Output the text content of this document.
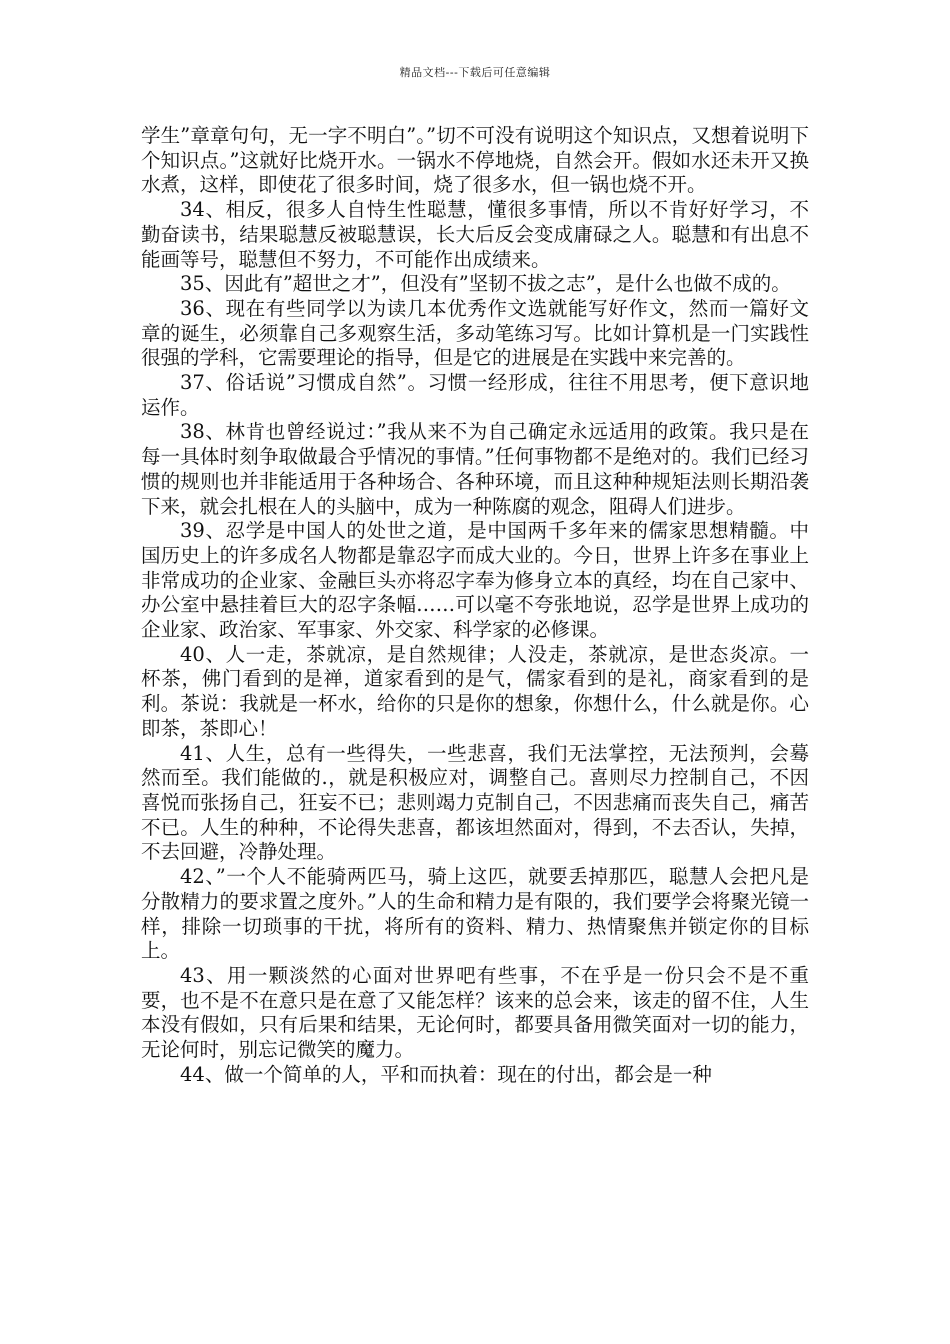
精品文档---下载后可任意编辑

学生”章章句句，无一字不明白”。”切不可没有说明这个知识点，又想着说明下个知识点。”这就好比烧开水。一锅水不停地烧，自然会开。假如水还未开又换水煮，这样，即使花了很多时间，烧了很多水，但一锅也烧不开。

34、相反，很多人自恃生性聪慧，懂很多事情，所以不肯好好学习，不勤奋读书，结果聪慧反被聪慧误，长大后反会变成庸碌之人。聪慧和有出息不能画等号，聪慧但不努力，不可能作出成绩来。

35、因此有”超世之才”，但没有”坚韧不拔之志”，是什么也做不成的。

36、现在有些同学以为读几本优秀作文选就能写好作文，然而一篇好文章的诞生，必须靠自己多观察生活，多动笔练习写。比如计算机是一门实践性很强的学科，它需要理论的指导，但是它的进展是在实践中来完善的。

37、俗话说”习惯成自然”。习惯一经形成，往往不用思考，便下意识地运作。

38、林肯也曾经说过：”我从来不为自己确定永远适用的政策。我只是在每一具体时刻争取做最合乎情况的事情。”任何事物都不是绝对的。我们已经习惯的规则也并非能适用于各种场合、各种环境，而且这种种规矩法则长期沿袭下来，就会扎根在人的头脑中，成为一种陈腐的观念，阻碍人们进步。

39、忍学是中国人的处世之道，是中国两千多年来的儒家思想精髓。中国历史上的许多成名人物都是靠忍字而成大业的。今日，世界上许多在事业上非常成功的企业家、金融巨头亦将忍字奉为修身立本的真经，均在自己家中、办公室中悬挂着巨大的忍字条幅……可以毫不夸张地说，忍学是世界上成功的企业家、政治家、军事家、外交家、科学家的必修课。

40、人一走，茶就凉，是自然规律；人没走，茶就凉，是世态炎凉。一杯茶，佛门看到的是禅，道家看到的是气，儒家看到的是礼，商家看到的是利。茶说：我就是一杯水，给你的只是你的想象，你想什么，什么就是你。心即茶，茶即心！

41、人生，总有一些得失，一些悲喜，我们无法掌控，无法预判，会蓦然而至。我们能做的.，就是积极应对，调整自己。喜则尽力控制自己，不因喜悦而张扬自己，狂妄不已；悲则竭力克制自己，不因悲痛而丧失自己，痛苦不已。人生的种种，不论得失悲喜，都该坦然面对，得到，不去否认，失掉，不去回避，冷静处理。

42、”一个人不能骑两匹马，骑上这匹，就要丢掉那匹，聪慧人会把凡是分散精力的要求置之度外。”人的生命和精力是有限的，我们要学会将聚光镜一样，排除一切琐事的干扰，将所有的资料、精力、热情聚焦并锁定你的目标上。

43、用一颗淡然的心面对世界吧有些事，不在乎是一份只会不是不重要，也不是不在意只是在意了又能怎样？该来的总会来，该走的留不住，人生本没有假如，只有后果和结果，无论何时，都要具备用微笑面对一切的能力，无论何时，别忘记微笑的魔力。

44、做一个简单的人，平和而执着：现在的付出，都会是一种
